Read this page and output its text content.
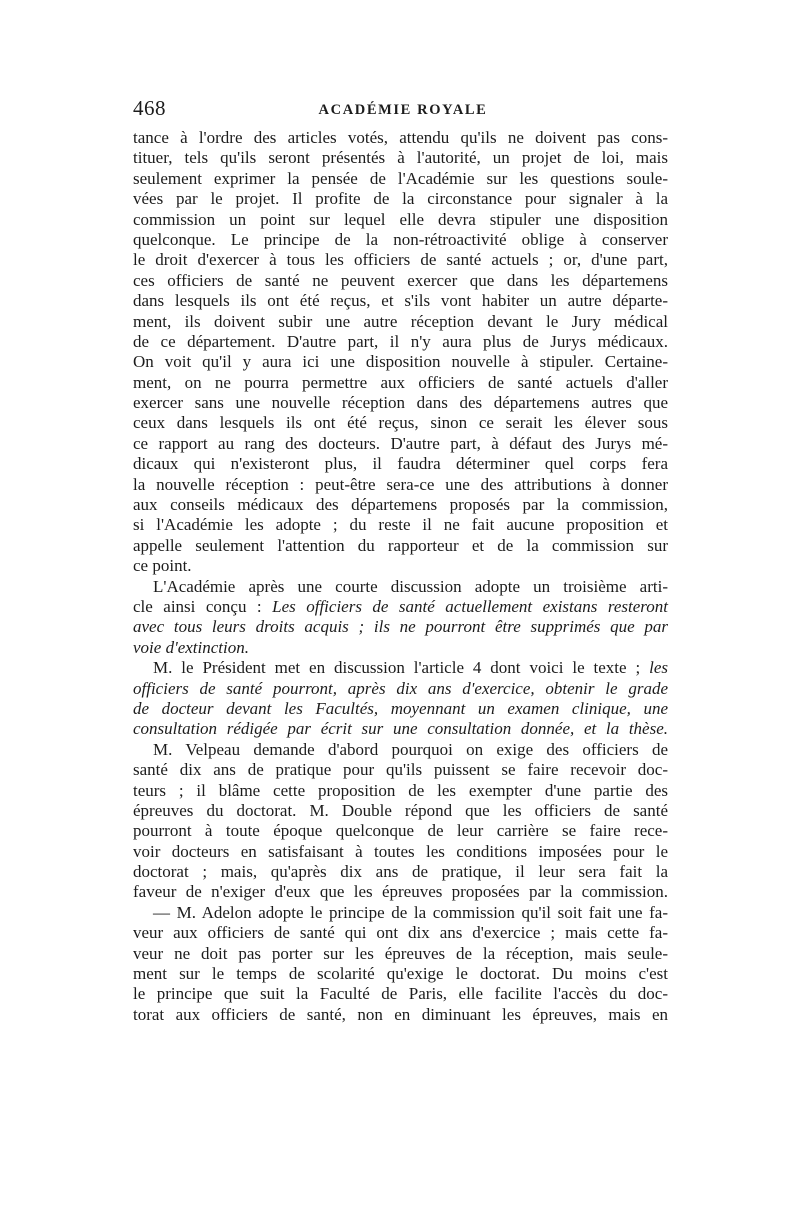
468	ACADÉMIE ROYALE
tance à l'ordre des articles votés, attendu qu'ils ne doivent pas cons-
tituer, tels qu'ils seront présentés à l'autorité, un projet de loi, mais
seulement exprimer la pensée de l'Académie sur les questions soule-
vées par le projet. Il profite de la circonstance pour signaler à la
commission un point sur lequel elle devra stipuler une disposition
quelconque. Le principe de la non-rétroactivité oblige à conserver
le droit d'exercer à tous les officiers de santé actuels ; or, d'une part,
ces officiers de santé ne peuvent exercer que dans les départemens
dans lesquels ils ont été reçus, et s'ils vont habiter un autre départe-
ment, ils doivent subir une autre réception devant le Jury médical
de ce département. D'autre part, il n'y aura plus de Jurys médicaux.
On voit qu'il y aura ici une disposition nouvelle à stipuler. Certaine-
ment, on ne pourra permettre aux officiers de santé actuels d'aller
exercer sans une nouvelle réception dans des départemens autres que
ceux dans lesquels ils ont été reçus, sinon ce serait les élever sous
ce rapport au rang des docteurs. D'autre part, à défaut des Jurys mé-
dicaux qui n'existeront plus, il faudra déterminer quel corps fera
la nouvelle réception : peut-être sera-ce une des attributions à donner
aux conseils médicaux des départemens proposés par la commission,
si l'Académie les adopte ; du reste il ne fait aucune proposition et
appelle seulement l'attention du rapporteur et de la commission sur
ce point.
L'Académie après une courte discussion adopte un troisième arti-
cle ainsi conçu : Les officiers de santé actuellement existans resteront
avec tous leurs droits acquis ; ils ne pourront être supprimés que par
voie d'extinction.
M. le Président met en discussion l'article 4 dont voici le texte ; les
officiers de santé pourront, après dix ans d'exercice, obtenir le grade
de docteur devant les Facultés, moyennant un examen clinique, une
consultation rédigée par écrit sur une consultation donnée, et la thèse.
M. Velpeau demande d'abord pourquoi on exige des officiers de
santé dix ans de pratique pour qu'ils puissent se faire recevoir doc-
teurs ; il blâme cette proposition de les exempter d'une partie des
épreuves du doctorat. M. Double répond que les officiers de santé
pourront à toute époque quelconque de leur carrière se faire rece-
voir docteurs en satisfaisant à toutes les conditions imposées pour le
doctorat ; mais, qu'après dix ans de pratique, il leur sera fait la
faveur de n'exiger d'eux que les épreuves proposées par la commission.
— M. Adelon adopte le principe de la commission qu'il soit fait une fa-
veur aux officiers de santé qui ont dix ans d'exercice ; mais cette fa-
veur ne doit pas porter sur les épreuves de la réception, mais seule-
ment sur le temps de scolarité qu'exige le doctorat. Du moins c'est
le principe que suit la Faculté de Paris, elle facilite l'accès du doc-
torat aux officiers de santé, non en diminuant les épreuves, mais en
